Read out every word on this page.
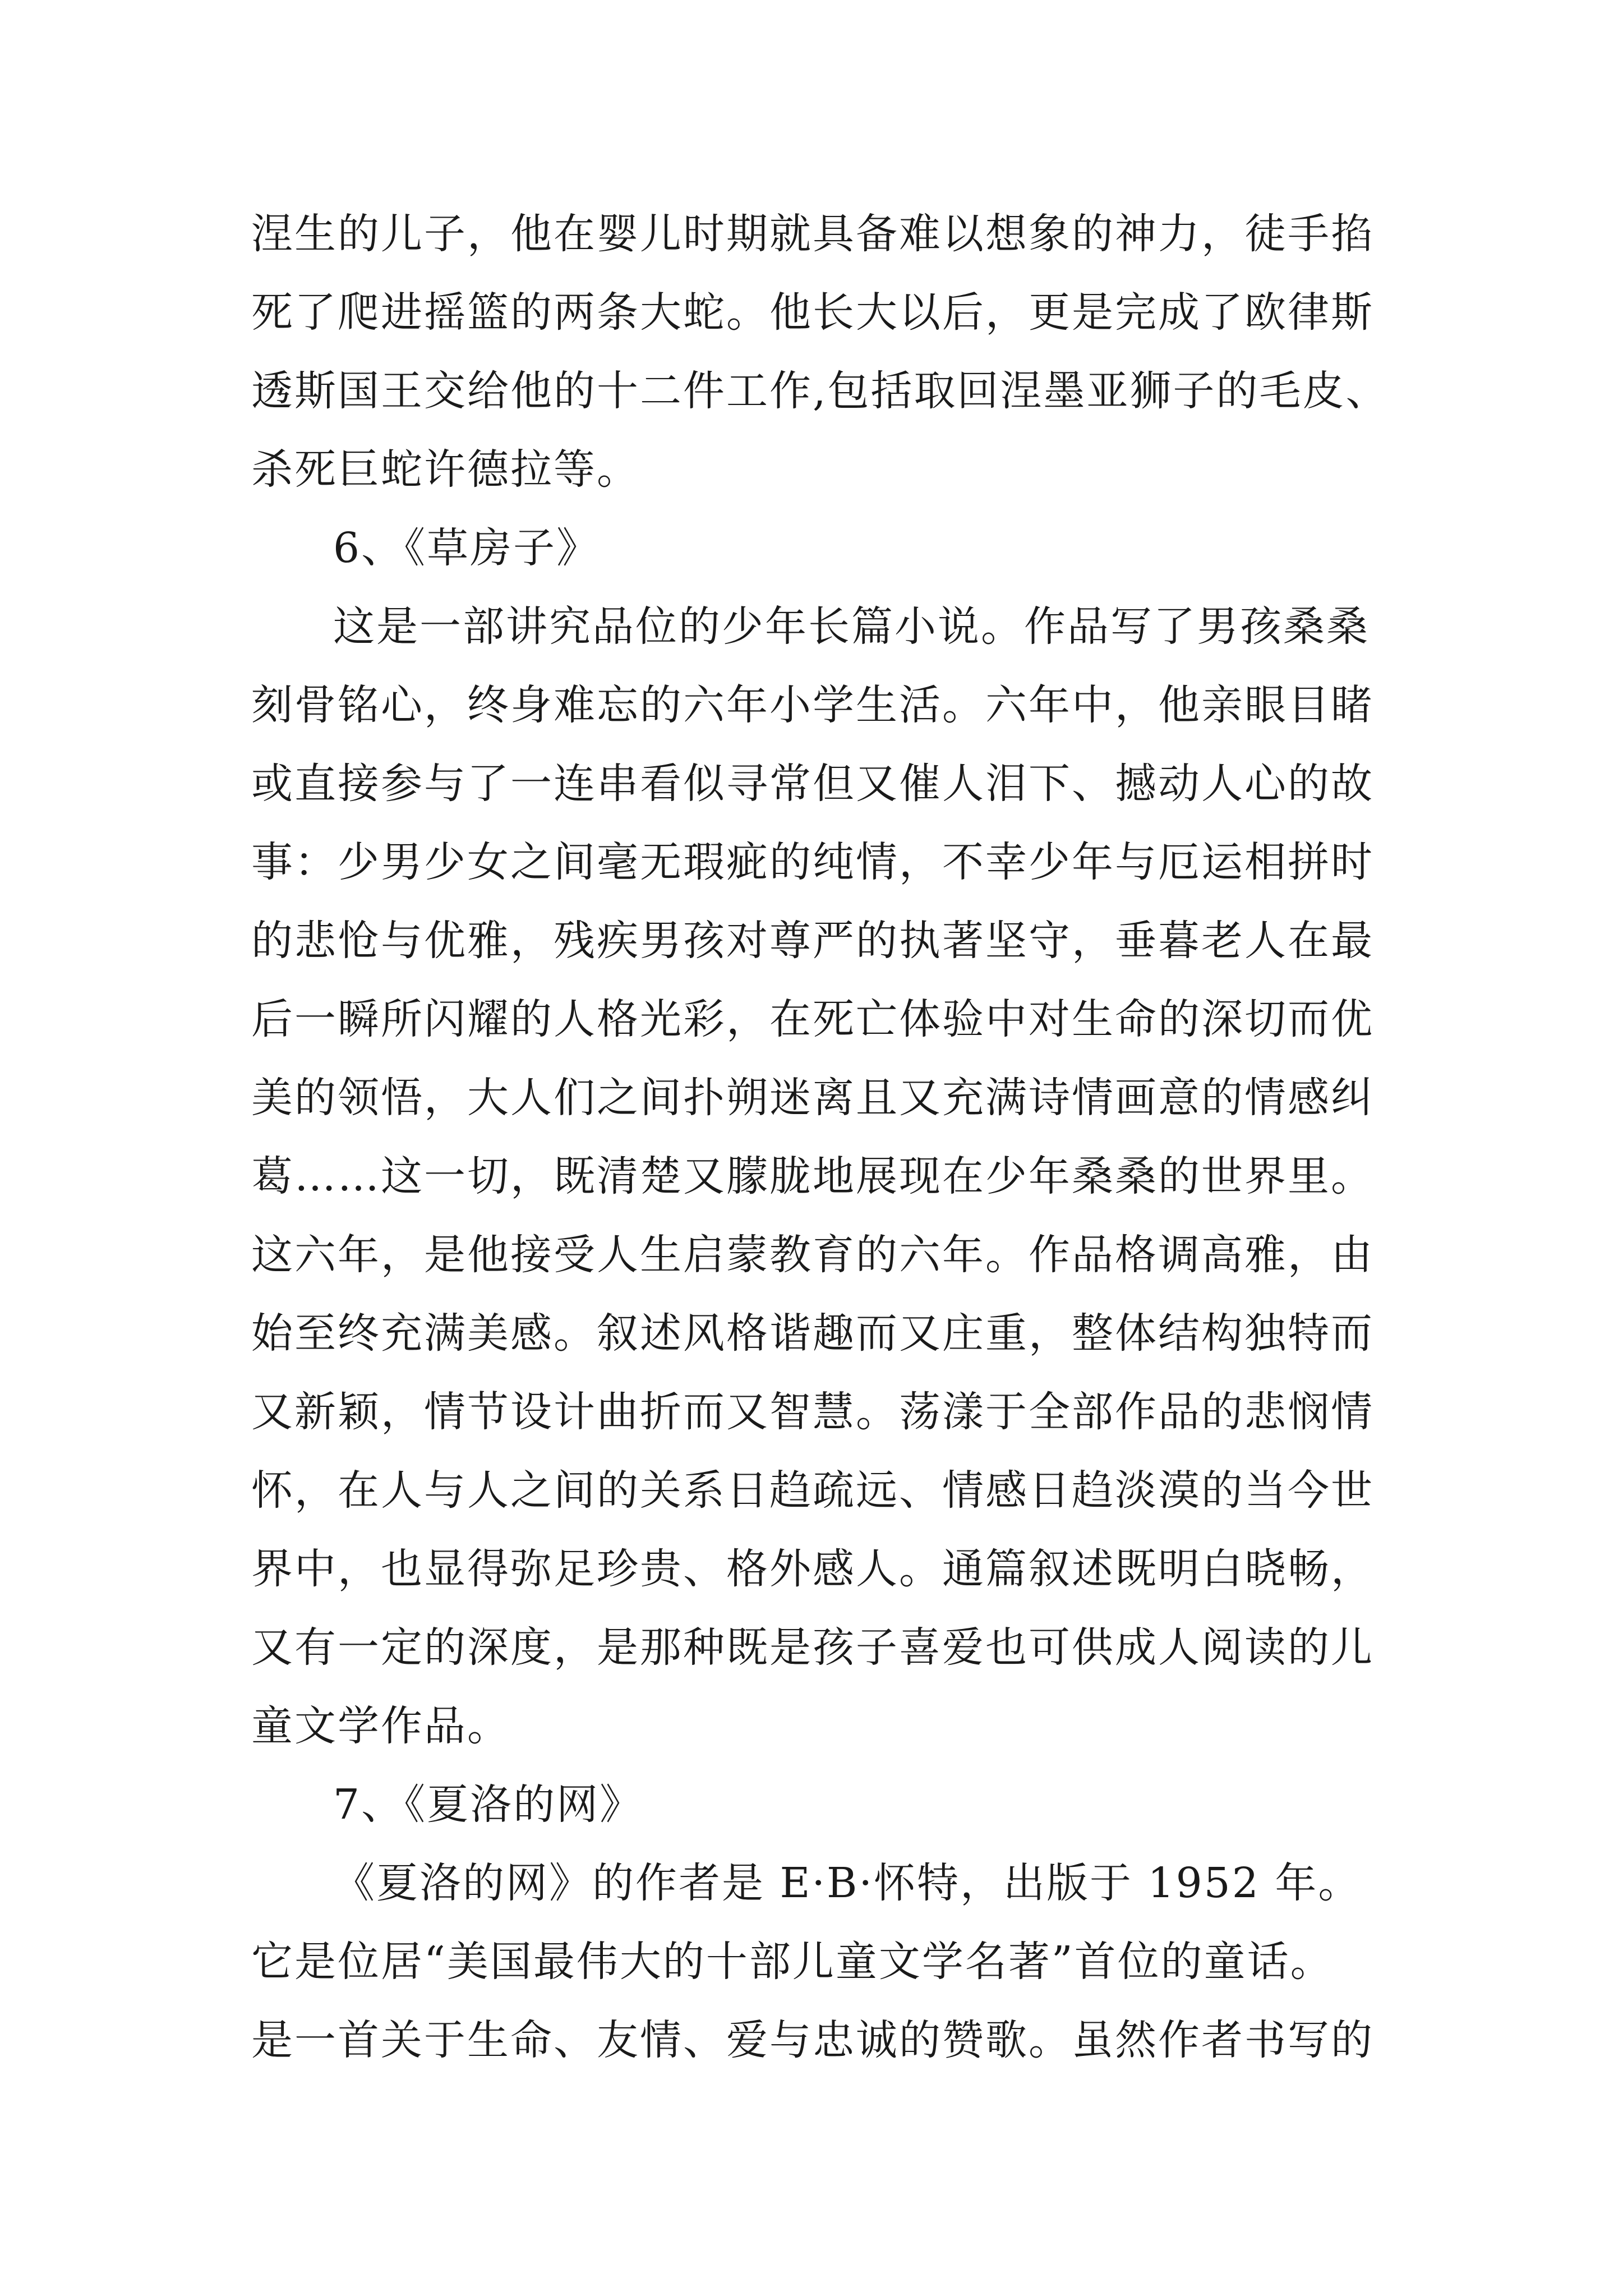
涅生的儿子，他在婴儿时期就具备难以想象的神力，徒手掐
死了爬进摇篮的两条大蛇。他长大以后，更是完成了欧律斯
透斯国王交给他的十二件工作,包括取回涅墨亚狮子的毛皮、
杀死巨蛇许德拉等。
6、《草房子》
这是一部讲究品位的少年长篇小说。作品写了男孩桑桑
刻骨铭心，终身难忘的六年小学生活。六年中，他亲眼目睹
或直接参与了一连串看似寻常但又催人泪下、撼动人心的故
事：少男少女之间毫无瑕疵的纯情，不幸少年与厄运相拼时
的悲怆与优雅，残疾男孩对尊严的执著坚守，垂暮老人在最
后一瞬所闪耀的人格光彩，在死亡体验中对生命的深切而优
美的领悟，大人们之间扑朔迷离且又充满诗情画意的情感纠
葛……这一切，既清楚又朦胧地展现在少年桑桑的世界里。
这六年，是他接受人生启蒙教育的六年。作品格调高雅，由
始至终充满美感。叙述风格谐趣而又庄重，整体结构独特而
又新颖，情节设计曲折而又智慧。荡漾于全部作品的悲悯情
怀，在人与人之间的关系日趋疏远、情感日趋淡漠的当今世
界中，也显得弥足珍贵、格外感人。通篇叙述既明白晓畅，
又有一定的深度，是那种既是孩子喜爱也可供成人阅读的儿
童文学作品。
7、《夏洛的网》
《夏洛的网》的作者是 E·B·怀特，出版于 1952 年。
它是位居“美国最伟大的十部儿童文学名著”首位的童话。
是一首关于生命、友情、爱与忠诚的赞歌。虽然作者书写的
